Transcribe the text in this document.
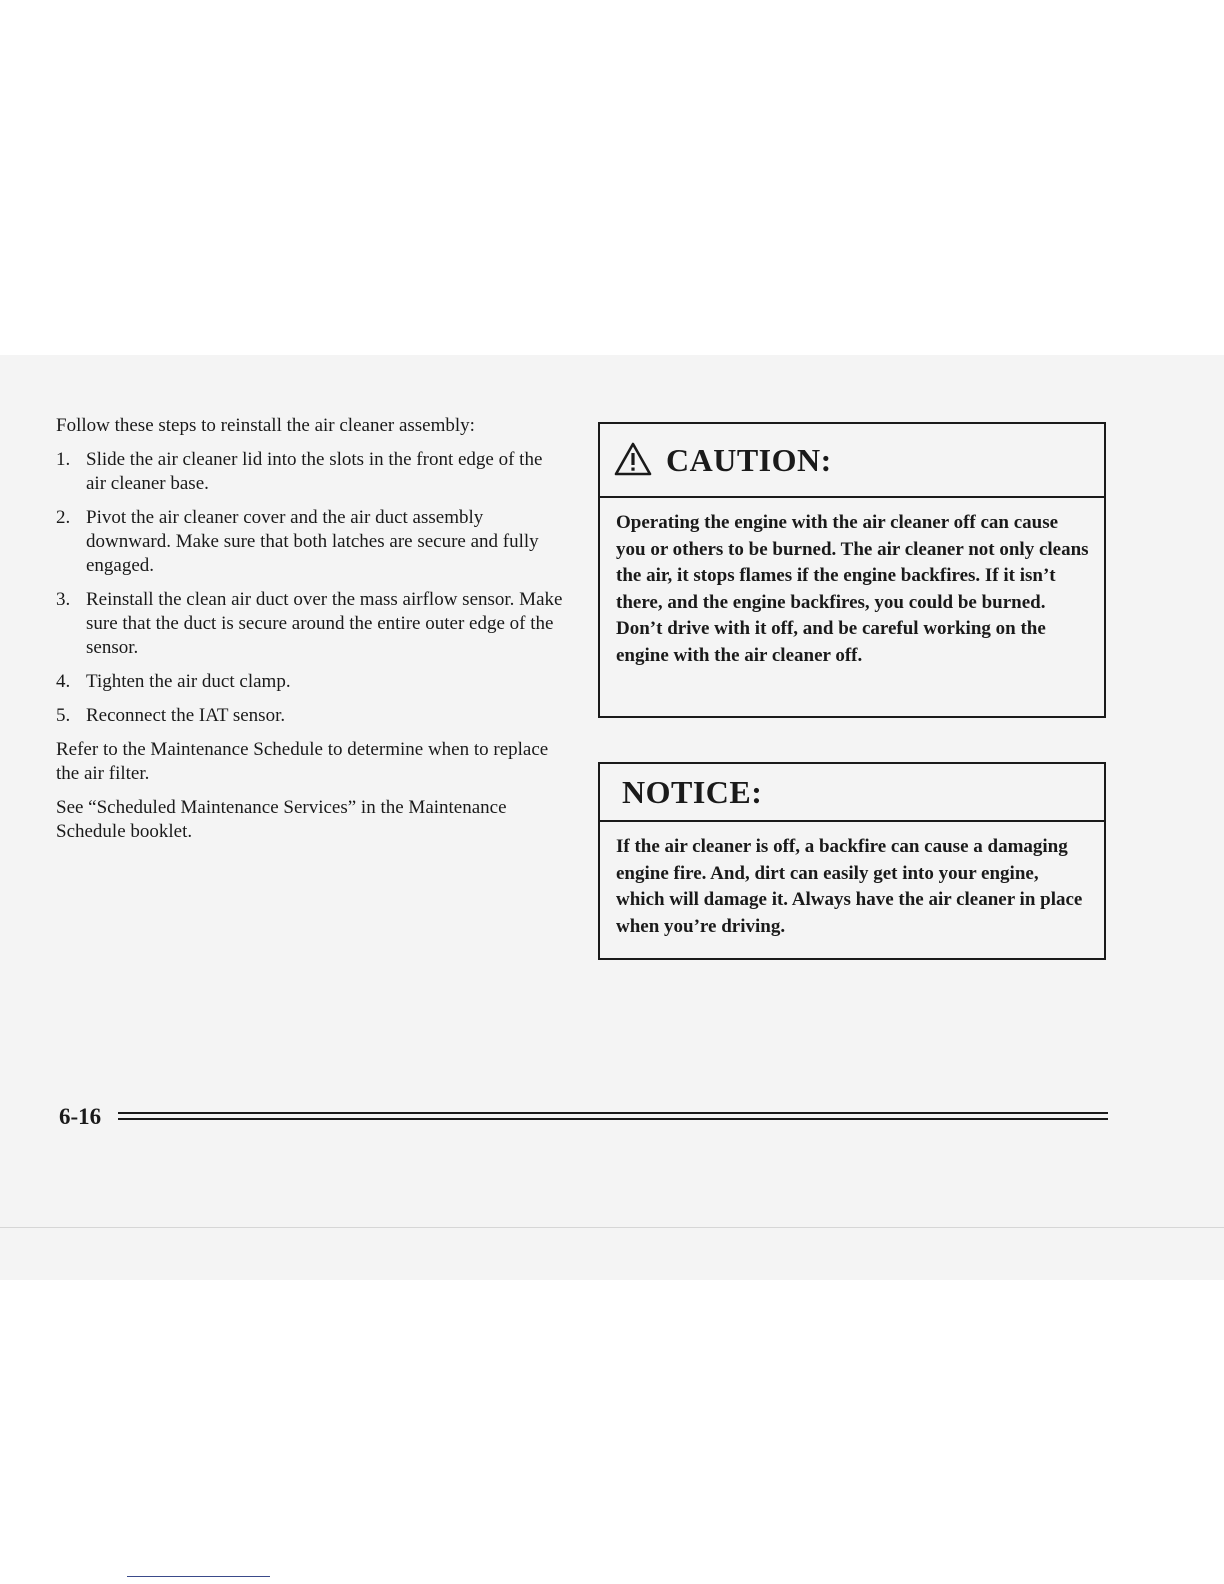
Follow these steps to reinstall the air cleaner assembly:

1. Slide the air cleaner lid into the slots in the front edge of the air cleaner base.
2. Pivot the air cleaner cover and the air duct assembly downward. Make sure that both latches are secure and fully engaged.
3. Reinstall the clean air duct over the mass airflow sensor. Make sure that the duct is secure around the entire outer edge of the sensor.
4. Tighten the air duct clamp.
5. Reconnect the IAT sensor.

Refer to the Maintenance Schedule to determine when to replace the air filter.

See “Scheduled Maintenance Services” in the Maintenance Schedule booklet.

CAUTION:
Operating the engine with the air cleaner off can cause you or others to be burned. The air cleaner not only cleans the air, it stops flames if the engine backfires. If it isn’t there, and the engine backfires, you could be burned. Don’t drive with it off, and be careful working on the engine with the air cleaner off.
NOTICE:
If the air cleaner is off, a backfire can cause a damaging engine fire. And, dirt can easily get into your engine, which will damage it. Always have the air cleaner in place when you’re driving.
6-16
